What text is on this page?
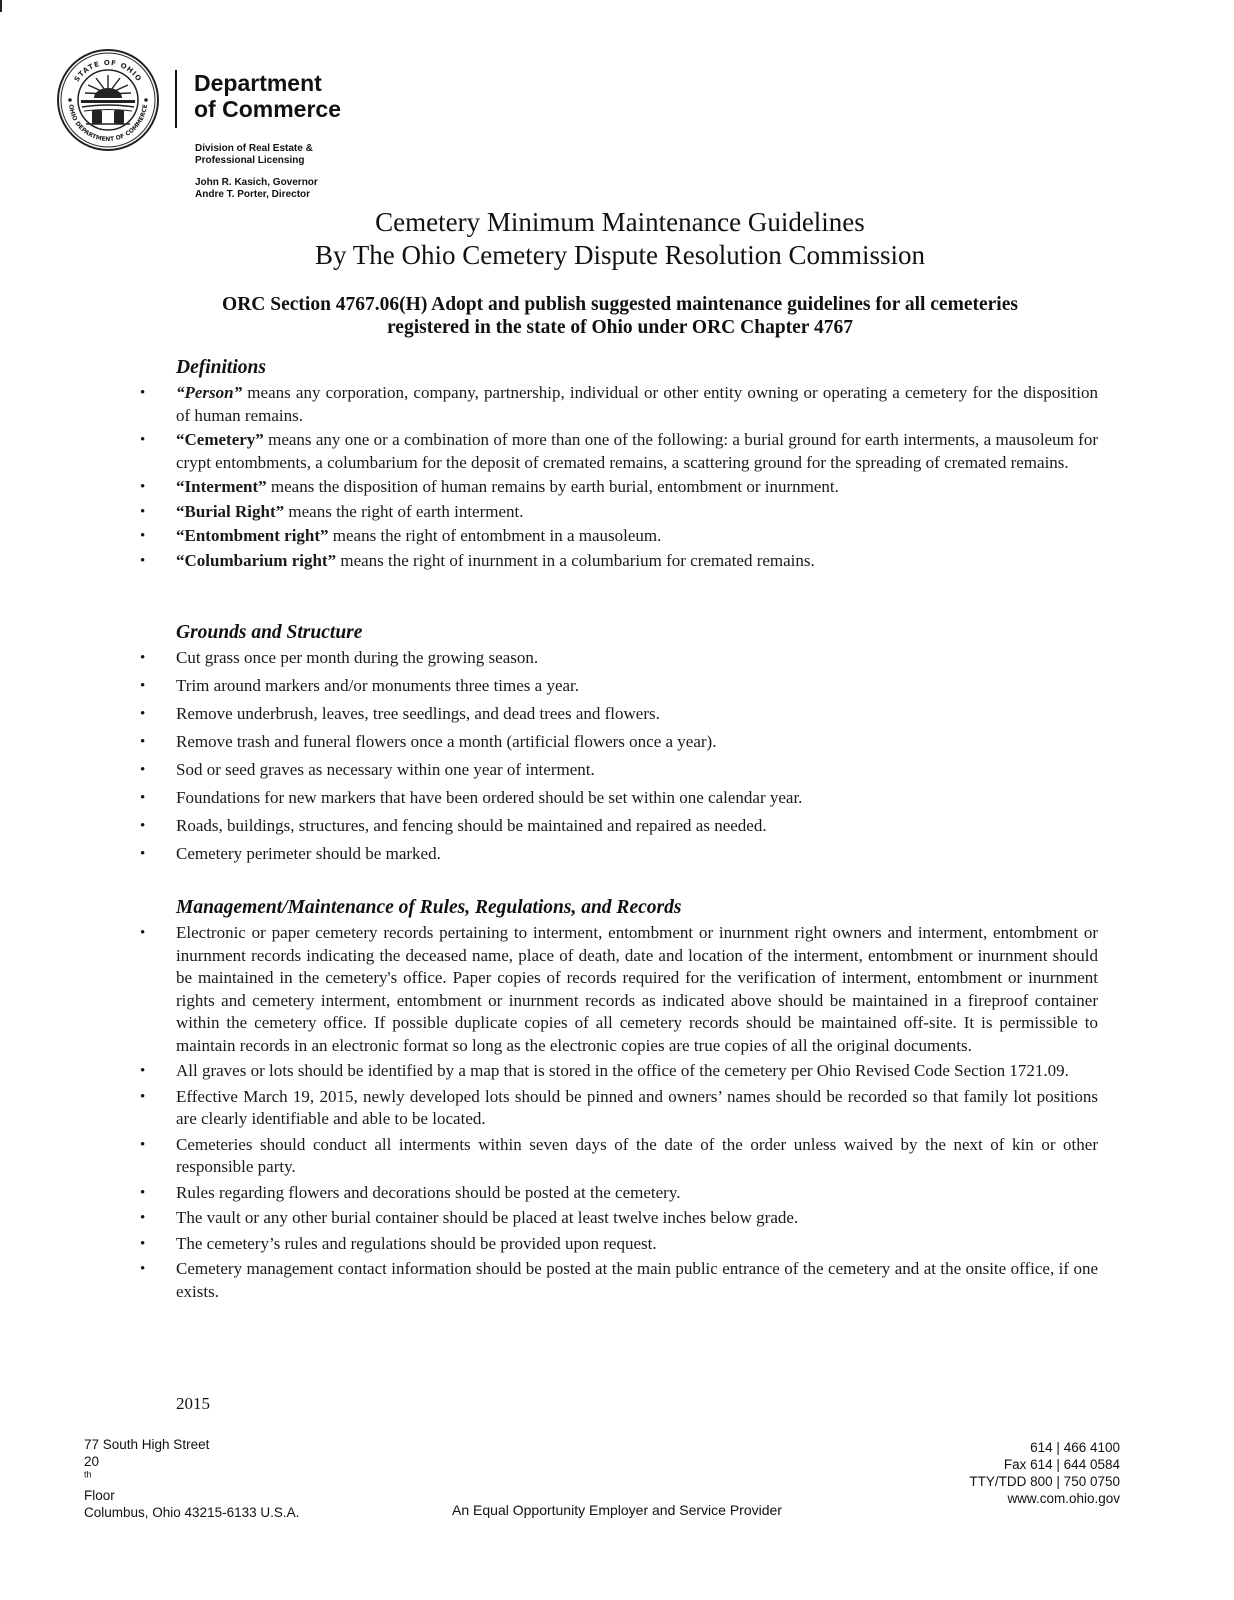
STATE OF OHIO
OHIO DEPARTMENT OF COMMERCE
Department
of Commerce
Division of Real Estate &
Professional Licensing
John R. Kasich, Governor
Andre T. Porter, Director
Cemetery Minimum Maintenance Guidelines
By The Ohio Cemetery Dispute Resolution Commission
ORC Section 4767.06(H) Adopt and publish suggested maintenance guidelines for all cemeteries
registered in the state of Ohio under ORC Chapter 4767
Definitions
•	“Person” means any corporation, company, partnership, individual or other entity owning or operating a cemetery for the disposition of human remains.
•	“Cemetery” means any one or a combination of more than one of the following: a burial ground for earth interments, a mausoleum for crypt entombments, a columbarium for the deposit of cremated remains, a scattering ground for the spreading of cremated remains.
•	“Interment” means the disposition of human remains by earth burial, entombment or inurnment.
•	“Burial Right” means the right of earth interment.
•	“Entombment right” means the right of entombment in a mausoleum.
•	“Columbarium right” means the right of inurnment in a columbarium for cremated remains.
Grounds and Structure
•	Cut grass once per month during the growing season.
•	Trim around markers and/or monuments three times a year.
•	Remove underbrush, leaves, tree seedlings, and dead trees and flowers.
•	Remove trash and funeral flowers once a month (artificial flowers once a year).
•	Sod or seed graves as necessary within one year of interment.
•	Foundations for new markers that have been ordered should be set within one calendar year.
•	Roads, buildings, structures, and fencing should be maintained and repaired as needed.
•	Cemetery perimeter should be marked.
Management/Maintenance of Rules, Regulations, and Records
•	Electronic or paper cemetery records pertaining to interment, entombment or inurnment right owners and interment, entombment or inurnment records indicating the deceased name, place of death, date and location of the interment, entombment or inurnment should be maintained in the cemetery's office. Paper copies of records required for the verification of interment, entombment or inurnment rights and cemetery interment, entombment or inurnment records as indicated above should be maintained in a fireproof container within the cemetery office. If possible duplicate copies of all cemetery records should be maintained off-site. It is permissible to maintain records in an electronic format so long as the electronic copies are true copies of all the original documents.
•	All graves or lots should be identified by a map that is stored in the office of the cemetery per Ohio Revised Code Section 1721.09.
•	Effective March 19, 2015, newly developed lots should be pinned and owners’ names should be recorded so that family lot positions are clearly identifiable and able to be located.
•	Cemeteries should conduct all interments within seven days of the date of the order unless waived by the next of kin or other responsible party.
•	Rules regarding flowers and decorations should be posted at the cemetery.
•	The vault or any other burial container should be placed at least twelve inches below grade.
•	The cemetery’s rules and regulations should be provided upon request.
•	Cemetery management contact information should be posted at the main public entrance of the cemetery and at the onsite office, if one exists.
2015
77 South High Street
20
$^{th}$
Floor
Columbus, Ohio 43215-6133 U.S.A.
614 | 466 4100
Fax 614 | 644 0584
TTY/TDD 800 | 750 0750
www.com.ohio.gov
An Equal Opportunity Employer and Service Provider
